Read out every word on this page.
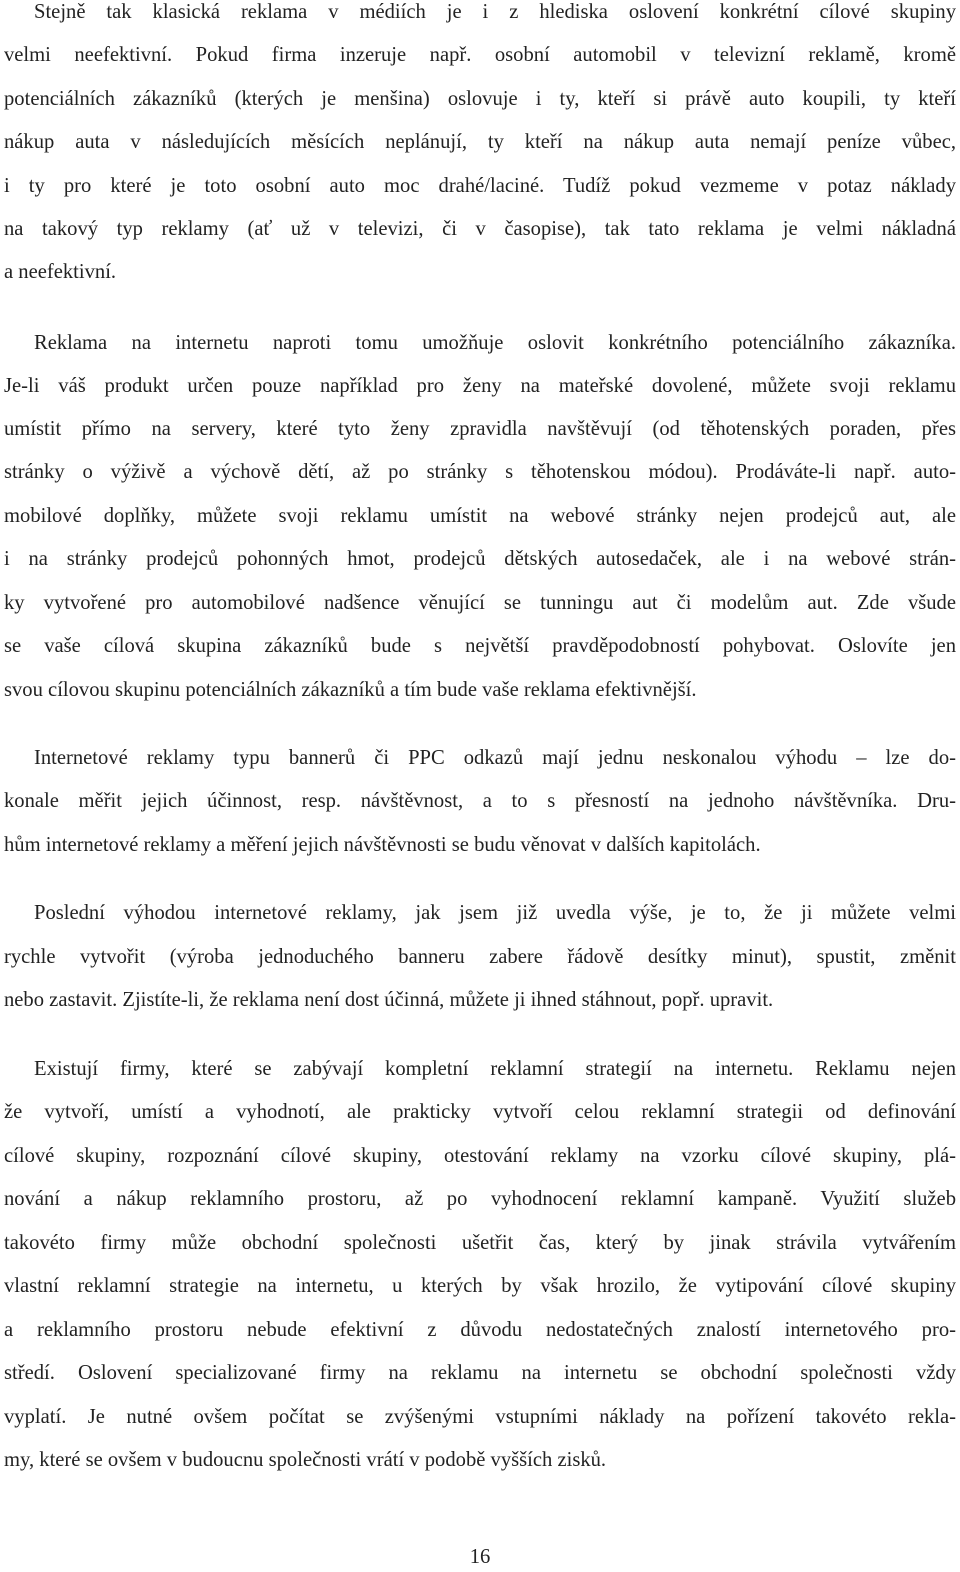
Stejně tak klasická reklama v médiích je i z hlediska oslovení konkrétní cílové skupiny
velmi neefektivní. Pokud firma inzeruje např. osobní automobil v televizní reklamě, kromě
potenciálních zákazníků (kterých je menšina) oslovuje i ty, kteří si právě auto koupili, ty kteří
nákup auta v následujících měsících neplánují, ty kteří na nákup auta nemají peníze vůbec,
i ty pro které je toto osobní auto moc drahé/laciné. Tudíž pokud vezmeme v potaz náklady
na takový typ reklamy (ať už v televizi, či v časopise), tak tato reklama je velmi nákladná
a neefektivní.
Reklama na internetu naproti tomu umožňuje oslovit konkrétního potenciálního zákazníka.
Je-li váš produkt určen pouze například pro ženy na mateřské dovolené, můžete svoji reklamu
umístit přímo na servery, které tyto ženy zpravidla navštěvují (od těhotenských poraden, přes
stránky o výživě a výchově dětí, až po stránky s těhotenskou módou). Prodáváte-li např. auto-
mobilové doplňky, můžete svoji reklamu umístit na webové stránky nejen prodejců aut, ale
i na stránky prodejců pohonných hmot, prodejců dětských autosedaček, ale i na webové strán-
ky vytvořené pro automobilové nadšence věnující se tunningu aut či modelům aut. Zde všude
se vaše cílová skupina zákazníků bude s největší pravděpodobností pohybovat. Oslovíte jen
svou cílovou skupinu potenciálních zákazníků a tím bude vaše reklama efektivnější.
Internetové reklamy typu bannerů či PPC odkazů mají jednu neskonalou výhodu – lze do-
konale měřit jejich účinnost, resp. návštěvnost, a to s přesností na jednoho návštěvníka. Dru-
hům internetové reklamy a měření jejich návštěvnosti se budu věnovat v dalších kapitolách.
Poslední výhodou internetové reklamy, jak jsem již uvedla výše, je to, že ji můžete velmi
rychle vytvořit (výroba jednoduchého banneru zabere řádově desítky minut), spustit, změnit
nebo zastavit. Zjistíte-li, že reklama není dost účinná, můžete ji ihned stáhnout, popř. upravit.
Existují firmy, které se zabývají kompletní reklamní strategií na internetu. Reklamu nejen
že vytvoří, umístí a vyhodnotí, ale prakticky vytvoří celou reklamní strategii od definování
cílové skupiny, rozpoznání cílové skupiny, otestování reklamy na vzorku cílové skupiny, plá-
nování a nákup reklamního prostoru, až po vyhodnocení reklamní kampaně. Využití služeb
takovéto firmy může obchodní společnosti ušetřit čas, který by jinak strávila vytvářením
vlastní reklamní strategie na internetu, u kterých by však hrozilo, že vytipování cílové skupiny
a reklamního prostoru nebude efektivní z důvodu nedostatečných znalostí internetového pro-
středí. Oslovení specializované firmy na reklamu na internetu se obchodní společnosti vždy
vyplatí. Je nutné ovšem počítat se zvýšenými vstupními náklady na pořízení takovéto rekla-
my, které se ovšem v budoucnu společnosti vrátí v podobě vyšších zisků.
16
